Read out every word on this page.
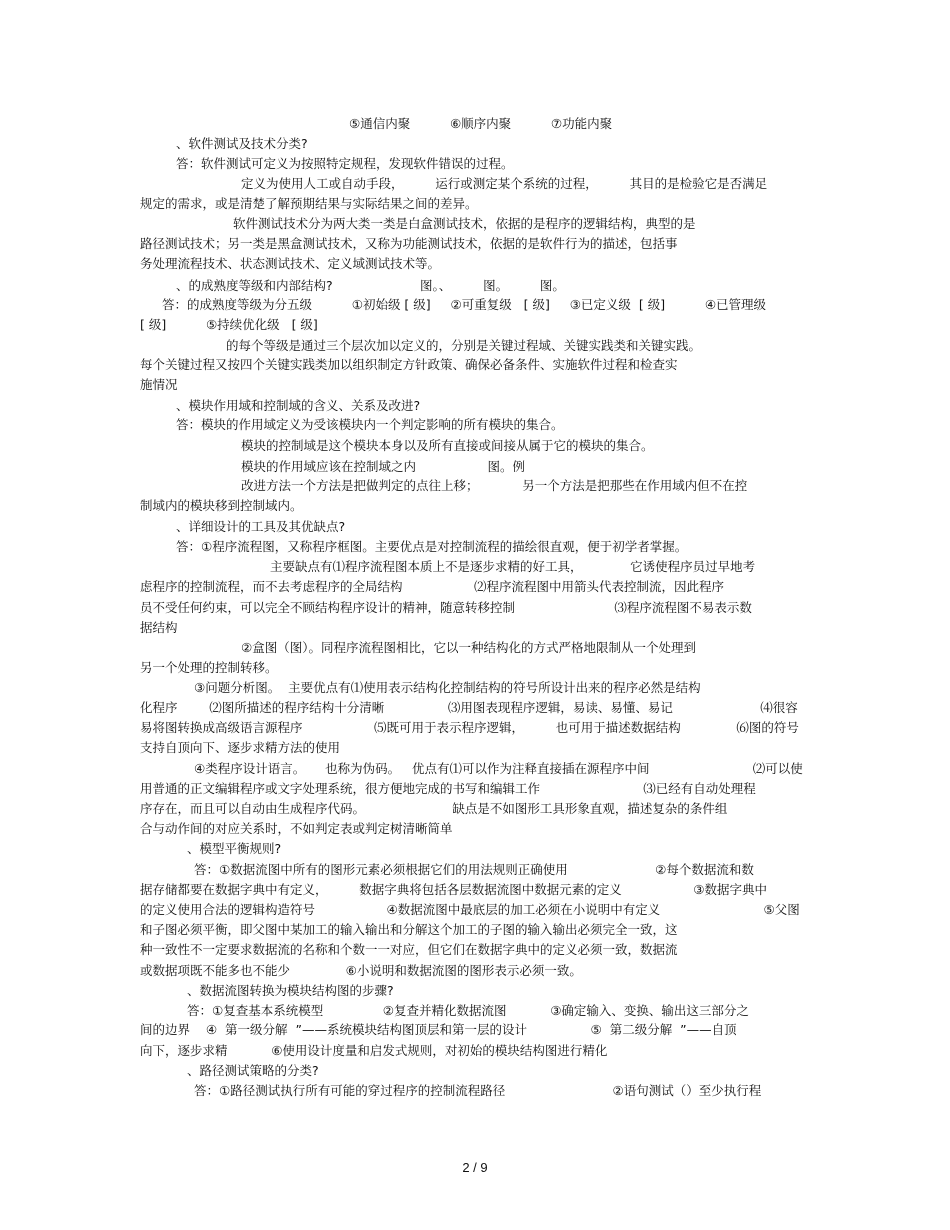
⑤通信内聚          ⑥顺序内聚          ⑦功能内聚
、软件测试及技术分类?
答：软件测试可定义为按照特定规程，发现软件错误的过程。
定义为使用人工或自动手段，        运行或测定某个系统的过程，        其目的是检验它是否满足
规定的需求，或是清楚了解预期结果与实际结果之间的差异。
软件测试技术分为两大类一类是白盒测试技术，依据的是程序的逻辑结构，典型的是
路径测试技术；另一类是黑盒测试技术，又称为功能测试技术，依据的是软件行为的描述，包括事
务处理流程技术、状态测试技术、定义域测试技术等。
、的成熟度等级和内部结构?                      图。、        图。        图。
答：的成熟度等级为分五级          ①初始级 [ 级]     ②可重复级   [ 级]     ③已定义级  [ 级]          ④已管理级
[ 级]          ⑤持续优化级   [ 级]
的每个等级是通过三个层次加以定义的，分别是关键过程域、关键实践类和关键实践。
每个关键过程又按四个关键实践类加以组织制定方针政策、确保必备条件、实施软件过程和检查实
施情况
、模块作用域和控制域的含义、关系及改进?
答：模块的作用域定义为受该模块内一个判定影响的所有模块的集合。
模块的控制域是这个模块本身以及所有直接或间接从属于它的模块的集合。
模块的作用域应该在控制域之内                  图。例
改进方法一个方法是把做判定的点往上移；           另一个方法是把那些在作用域内但不在控
制域内的模块移到控制域内。
、详细设计的工具及其优缺点?
答：①程序流程图，又称程序框图。主要优点是对控制流程的描绘很直观，便于初学者掌握。
主要缺点有⑴程序流程图本质上不是逐步求精的好工具，            它诱使程序员过早地考
虑程序的控制流程，而不去考虑程序的全局结构                  ⑵程序流程图中用箭头代表控制流，因此程序
员不受任何约束，可以完全不顾结构程序设计的精神，随意转移控制                         ⑶程序流程图不易表示数
据结构
②盒图（图）。同程序流程图相比，它以一种结构化的方式严格地限制从一个处理到
另一个处理的控制转移。
③问题分析图。  主要优点有⑴使用表示结构化控制结构的符号所设计出来的程序必然是结构
化程序        ⑵图所描述的程序结构十分清晰                ⑶用图表现程序逻辑，易读、易懂、易记                      ⑷很容
易将图转换成高级语言源程序                  ⑸既可用于表示程序逻辑，        也可用于描述数据结构              ⑹图的符号
支持自顶向下、逐步求精方法的使用
④类程序设计语言。     也称为伪码。   优点有⑴可以作为注释直接插在源程序中间                          ⑵可以使
用普通的正文编辑程序或文字处理系统，很方便地完成的书写和编辑工作                          ⑶已经有自动处理程
序存在，而且可以自动由生成程序代码。                      缺点是不如图形工具形象直观，描述复杂的条件组
合与动作间的对应关系时，不如判定表或判定树清晰简单
、模型平衡规则?
答：①数据流图中所有的图形元素必须根据它们的用法规则正确使用                      ②每个数据流和数
据存储都要在数据字典中有定义，        数据字典将包括各层数据流图中数据元素的定义                  ③数据字典中
的定义使用合法的逻辑构造符号                  ④数据流图中最底层的加工必须在小说明中有定义                          ⑤父图
和子图必须平衡，即父图中某加工的输入输出和分解这个加工的子图的输入输出必须完全一致，这
种一致性不一定要求数据流的名称和个数一一对应，但它们在数据字典中的定义必须一致，数据流
或数据项既不能多也不能少              ⑥小说明和数据流图的图形表示必须一致。
、数据流图转换为模块结构图的步骤?
答：①复查基本系统模型               ②复查并精化数据流图           ③确定输入、变换、输出这三部分之
间的边界    ④  第一级分解  ”——系统模块结构图顶层和第一层的设计                ⑤  第二级分解  ”——自顶
向下，逐步求精           ⑥使用设计度量和启发式规则，对初始的模块结构图进行精化
、路径测试策略的分类?
答：①路径测试执行所有可能的穿过程序的控制流程路径                           ②语句测试（）至少执行程
2 / 9
